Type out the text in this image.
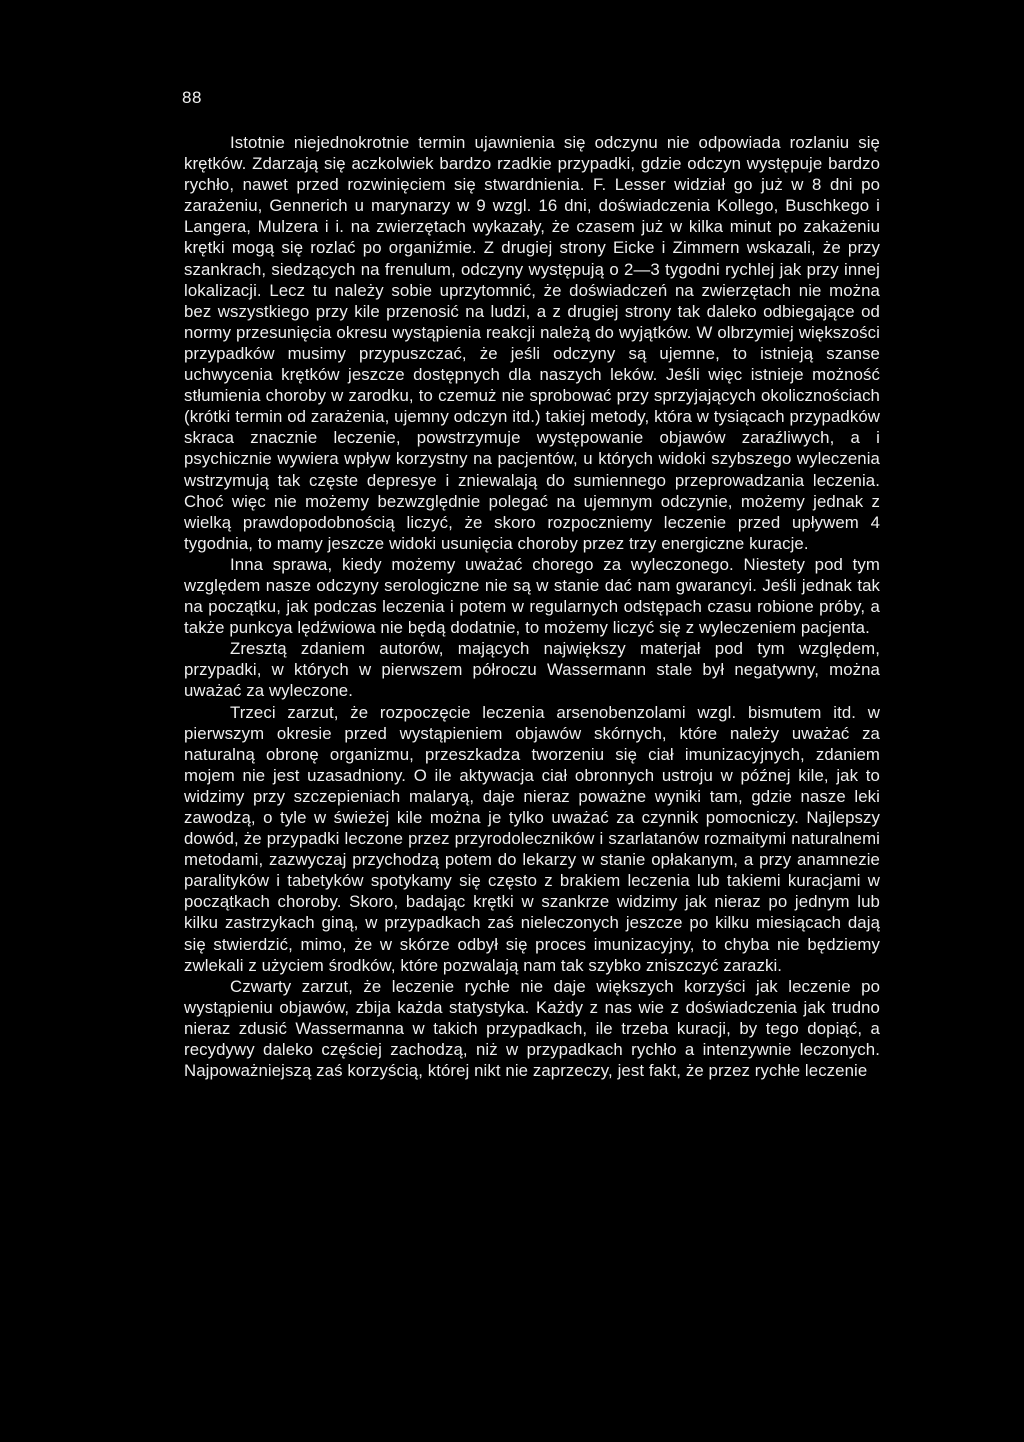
88

Istotnie niejednokrotnie termin ujawnienia się odczynu nie odpowiada rozlaniu się krętków. Zdarzają się aczkolwiek bardzo rzadkie przypadki, gdzie odczyn występuje bardzo rychło, nawet przed rozwinięciem się stwardnienia. F. Lesser widział go już w 8 dni po zarażeniu, Gennerich u marynarzy w 9 wzgl. 16 dni, doświadczenia Kollego, Buschkego i Langera, Mulzera i i. na zwierzętach wykazały, że czasem już w kilka minut po zakażeniu krętki mogą się rozlać po organiźmie. Z drugiej strony Eicke i Zimmern wskazali, że przy szankrach, siedzących na frenulum, odczyny występują o 2—3 tygodni rychlej jak przy innej lokalizacji. Lecz tu należy sobie uprzytomnić, że doświadczeń na zwierzętach nie można bez wszystkiego przy kile przenosić na ludzi, a z drugiej strony tak daleko odbiegające od normy przesunięcia okresu wystąpienia reakcji należą do wyjątków. W olbrzymiej większości przypadków musimy przypuszczać, że jeśli odczyny są ujemne, to istnieją szanse uchwycenia krętków jeszcze dostępnych dla naszych leków. Jeśli więc istnieje możność stłumienia choroby w zarodku, to czemuż nie sprobować przy sprzyjających okolicznościach (krótki termin od zarażenia, ujemny odczyn itd.) takiej metody, która w tysiącach przypadków skraca znacznie leczenie, powstrzymuje występowanie objawów zaraźliwych, a i psychicznie wywiera wpływ korzystny na pacjentów, u których widoki szybszego wyleczenia wstrzymują tak częste depresye i zniewalają do sumiennego przeprowadzania leczenia. Choć więc nie możemy bezwzględnie polegać na ujemnym odczynie, możemy jednak z wielką prawdopodobnością liczyć, że skoro rozpoczniemy leczenie przed upływem 4 tygodnia, to mamy jeszcze widoki usunięcia choroby przez trzy energiczne kuracje.

Inna sprawa, kiedy możemy uważać chorego za wyleczonego. Niestety pod tym względem nasze odczyny serologiczne nie są w stanie dać nam gwarancyi. Jeśli jednak tak na początku, jak podczas leczenia i potem w regularnych odstępach czasu robione próby, a także punkcya lędźwiowa nie będą dodatnie, to możemy liczyć się z wyleczeniem pacjenta.

Zresztą zdaniem autorów, mających największy materjał pod tym względem, przypadki, w których w pierwszem półroczu Wassermann stale był negatywny, można uważać za wyleczone.

Trzeci zarzut, że rozpoczęcie leczenia arsenobenzolami wzgl. bismutem itd. w pierwszym okresie przed wystąpieniem objawów skórnych, które należy uważać za naturalną obronę organizmu, przeszkadza tworzeniu się ciał imunizacyjnych, zdaniem mojem nie jest uzasadniony. O ile aktywacja ciał obronnych ustroju w późnej kile, jak to widzimy przy szczepieniach malaryą, daje nieraz poważne wyniki tam, gdzie nasze leki zawodzą, o tyle w świeżej kile można je tylko uważać za czynnik pomocniczy. Najlepszy dowód, że przypadki leczone przez przyrodoleczników i szarlatanów rozmaitymi naturalnemi metodami, zazwyczaj przychodzą potem do lekarzy w stanie opłakanym, a przy anamnezie paralityków i tabetyków spotykamy się często z brakiem leczenia lub takiemi kuracjami w początkach choroby. Skoro, badając krętki w szankrze widzimy jak nieraz po jednym lub kilku zastrzykach giną, w przypadkach zaś nieleczonych jeszcze po kilku miesiącach dają się stwierdzić, mimo, że w skórze odbył się proces imunizacyjny, to chyba nie będziemy zwlekali z użyciem środków, które pozwalają nam tak szybko zniszczyć zarazki.

Czwarty zarzut, że leczenie rychłe nie daje większych korzyści jak leczenie po wystąpieniu objawów, zbija każda statystyka. Każdy z nas wie z doświadczenia jak trudno nieraz zdusić Wassermanna w takich przypadkach, ile trzeba kuracji, by tego dopiąć, a recydywy daleko częściej zachodzą, niż w przypadkach rychło a intenzywnie leczonych. Najpoważniejszą zaś korzyścią, której nikt nie zaprzeczy, jest fakt, że przez rychłe leczenie
